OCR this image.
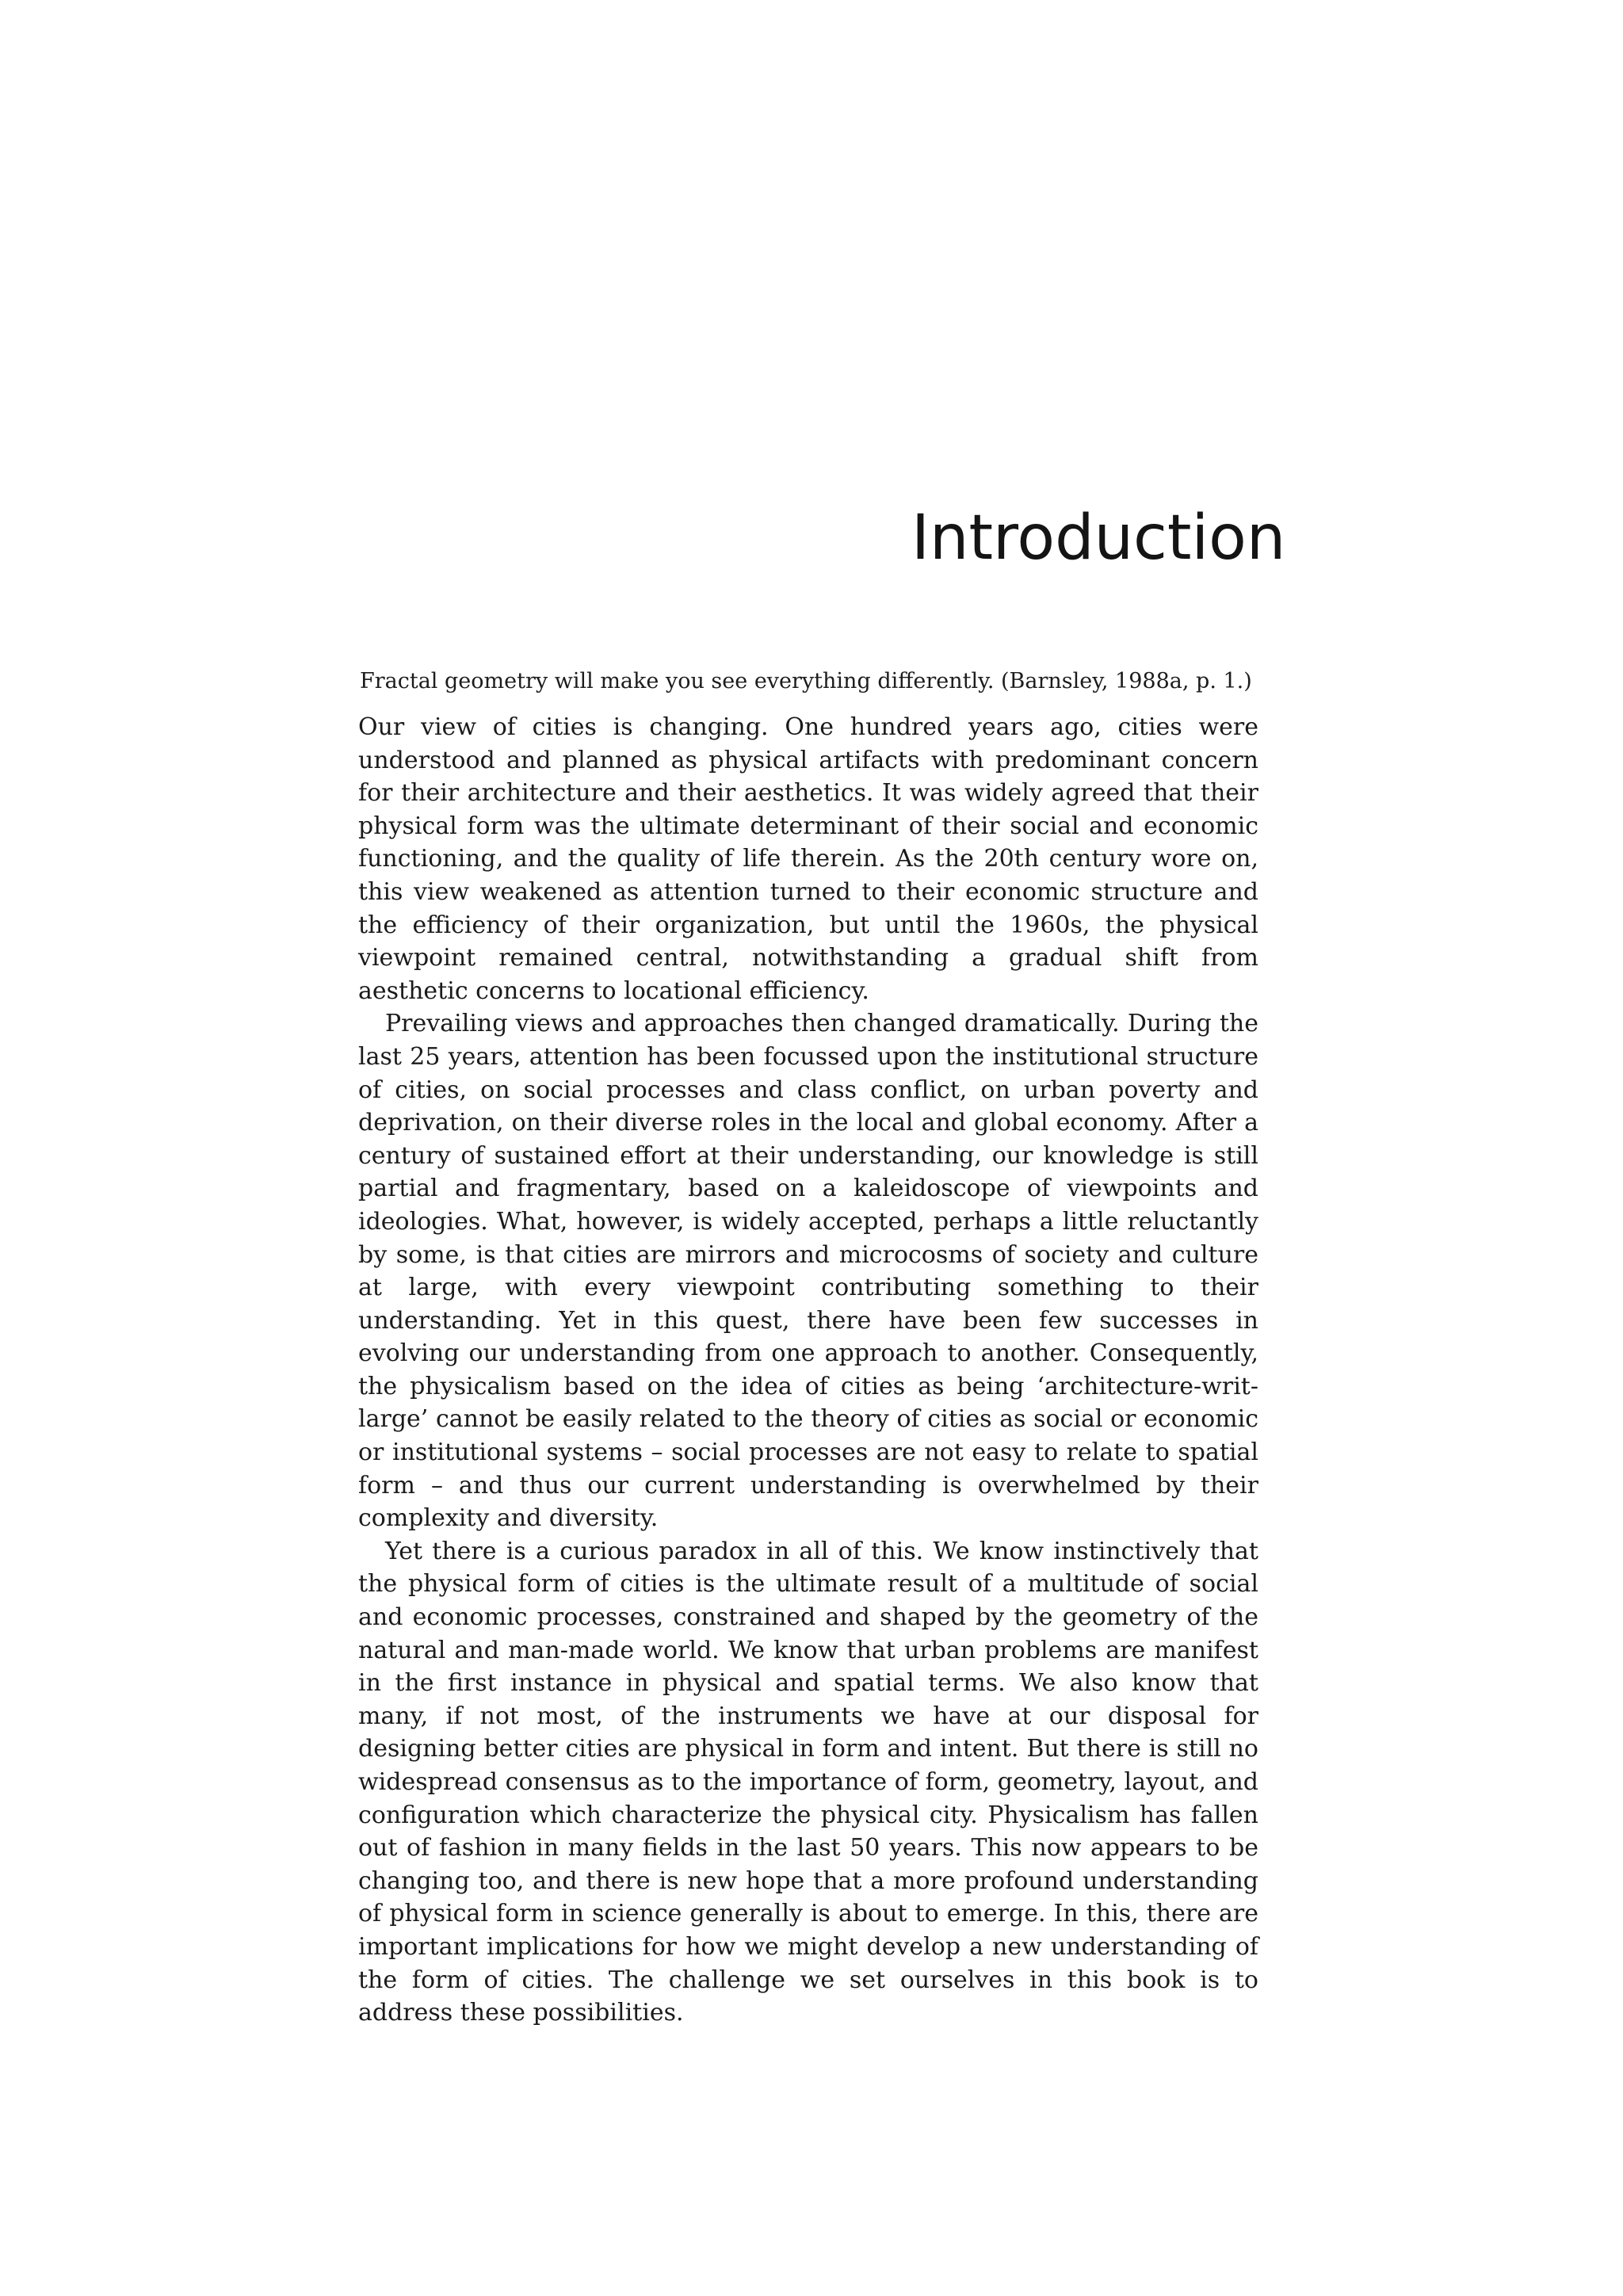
Introduction

Fractal geometry will make you see everything differently. (Barnsley, 1988a, p. 1.)

Our view of cities is changing. One hundred years ago, cities were understood and planned as physical artifacts with predominant concern for their architecture and their aesthetics. It was widely agreed that their physical form was the ultimate determinant of their social and economic functioning, and the quality of life therein. As the 20th century wore on, this view weakened as attention turned to their economic structure and the efficiency of their organization, but until the 1960s, the physical viewpoint remained central, notwithstanding a gradual shift from aesthetic concerns to locational efficiency.

Prevailing views and approaches then changed dramatically. During the last 25 years, attention has been focussed upon the institutional structure of cities, on social processes and class conflict, on urban poverty and deprivation, on their diverse roles in the local and global economy. After a century of sustained effort at their understanding, our knowledge is still partial and fragmentary, based on a kaleidoscope of viewpoints and ideologies. What, however, is widely accepted, perhaps a little reluctantly by some, is that cities are mirrors and microcosms of society and culture at large, with every viewpoint contributing something to their understanding. Yet in this quest, there have been few successes in evolving our understanding from one approach to another. Consequently, the physicalism based on the idea of cities as being ‘architecture-writ-large’ cannot be easily related to the theory of cities as social or economic or institutional systems – social processes are not easy to relate to spatial form – and thus our current understanding is overwhelmed by their complexity and diversity.

Yet there is a curious paradox in all of this. We know instinctively that the physical form of cities is the ultimate result of a multitude of social and economic processes, constrained and shaped by the geometry of the natural and man-made world. We know that urban problems are manifest in the first instance in physical and spatial terms. We also know that many, if not most, of the instruments we have at our disposal for designing better cities are physical in form and intent. But there is still no widespread consensus as to the importance of form, geometry, layout, and configuration which characterize the physical city. Physicalism has fallen out of fashion in many fields in the last 50 years. This now appears to be changing too, and there is new hope that a more profound understanding of physical form in science generally is about to emerge. In this, there are important implications for how we might develop a new understanding of the form of cities. The challenge we set ourselves in this book is to address these possibilities.
